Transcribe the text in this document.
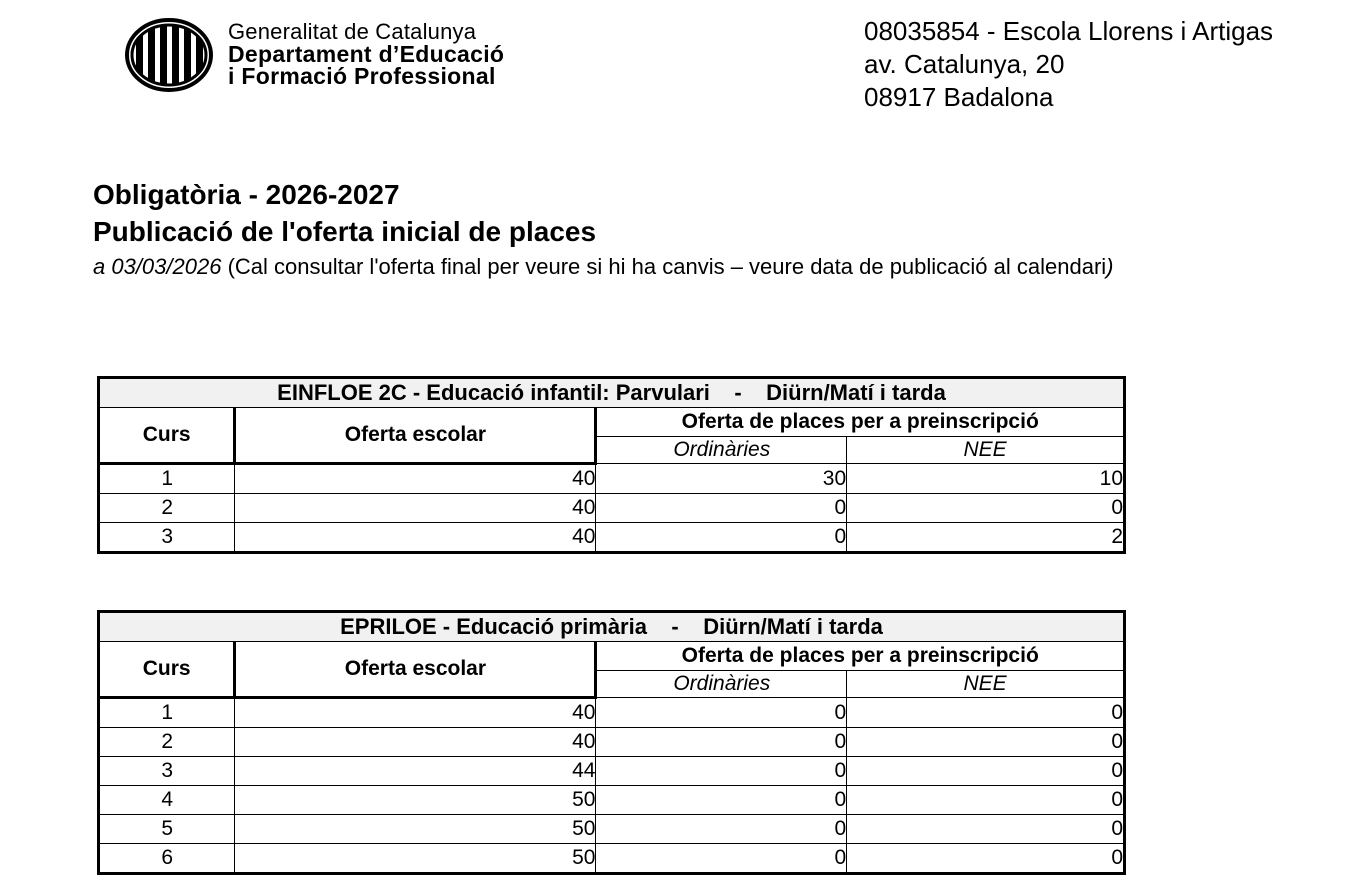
Generalitat de Catalunya
Departament d’Educació
i Formació Professional
08035854 - Escola Llorens i Artigas
av. Catalunya, 20
08917 Badalona
Obligatòria - 2026-2027
Publicació de l'oferta inicial de places
a 03/03/2026 (Cal consultar l'oferta final per veure si hi ha canvis – veure data de publicació al calendari)
EINFLOE 2C - Educació infantil: Parvulari    -    Diürn/Matí i tarda			
Curs	Oferta escolar	Oferta de places per a preinscripció	
		Ordinàries	NEE
1	40	30	10
2	40	0	0
3	40	0	2
EPRILOE - Educació primària    -    Diürn/Matí i tarda			
Curs	Oferta escolar	Oferta de places per a preinscripció	
		Ordinàries	NEE
1	40	0	0
2	40	0	0
3	44	0	0
4	50	0	0
5	50	0	0
6	50	0	0
